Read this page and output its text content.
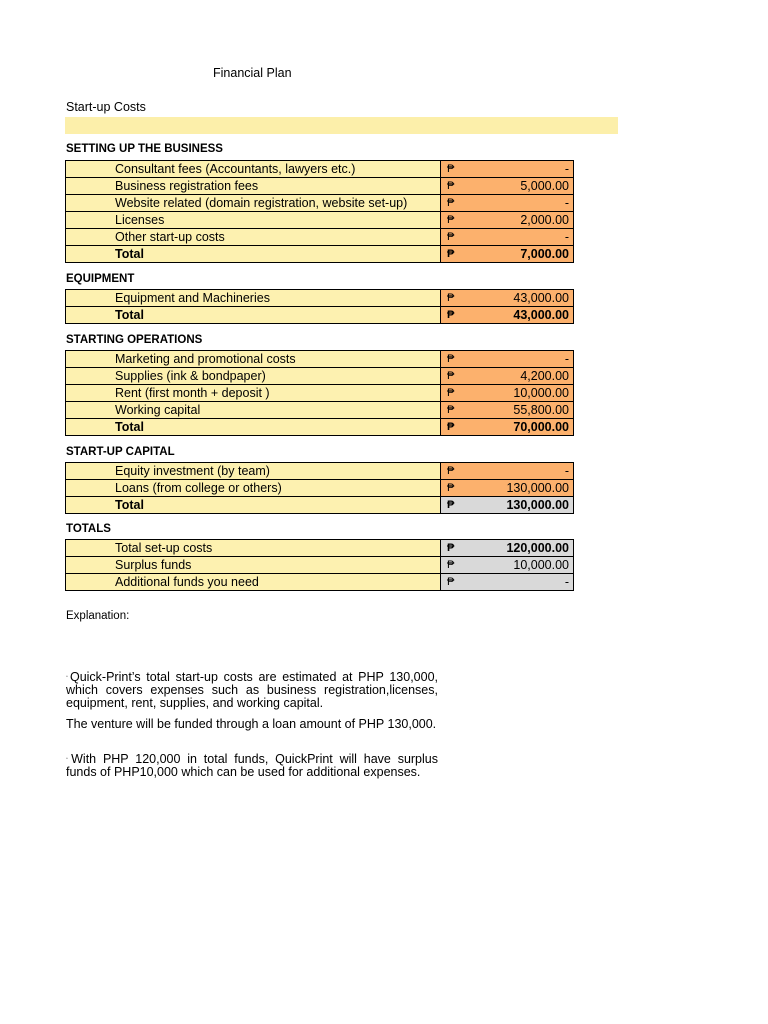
Financial Plan
Start-up Costs
SETTING UP THE BUSINESS
Consultant fees (Accountants, lawyers etc.)	₱	-
Business registration fees	₱	5,000.00
Website related (domain registration, website set-up)	₱	-
Licenses	₱	2,000.00
Other start-up costs	₱	-
Total	₱	7,000.00
EQUIPMENT
Equipment and Machineries	₱	43,000.00
Total	₱	43,000.00
STARTING OPERATIONS
Marketing and promotional costs	₱	-
Supplies (ink & bondpaper)	₱	4,200.00
Rent (first month + deposit )	₱	10,000.00
Working capital	₱	55,800.00
Total	₱	70,000.00
START-UP CAPITAL
Equity investment (by team)	₱	-
Loans (from college or others)	₱	130,000.00
Total	₱	130,000.00
TOTALS
Total set-up costs	₱	120,000.00
Surplus funds	₱	10,000.00
Additional funds you need	₱	-
Explanation:
▫Quick-Print’s total start-up costs are estimated at PHP 130,000, which covers expenses such as business registration,licenses, equipment, rent, supplies, and working capital.
The venture will be funded through a loan amount of PHP 130,000.
▫With PHP 120,000 in total funds, QuickPrint will have surplus funds of PHP10,000 which can be used for additional expenses.
